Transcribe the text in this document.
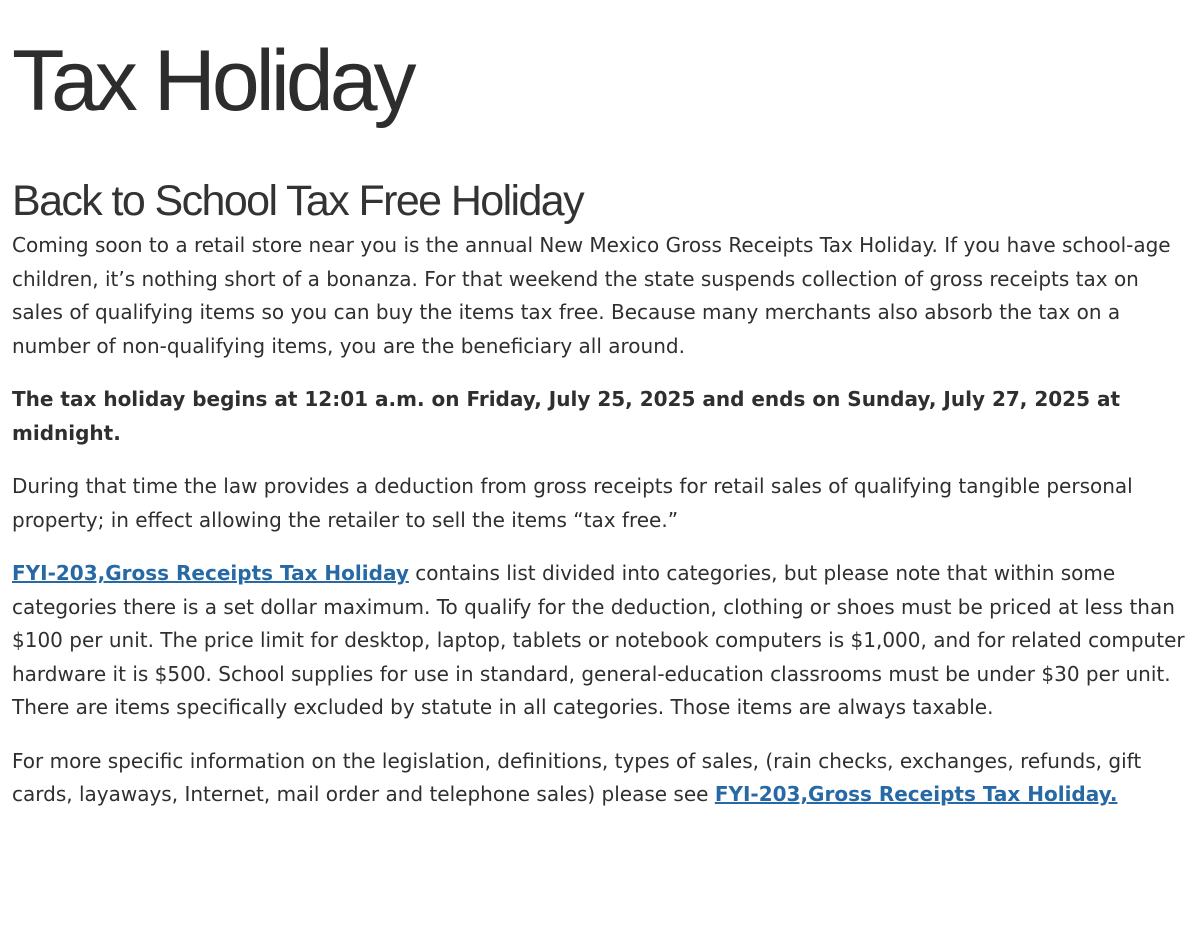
Tax Holiday
Back to School Tax Free Holiday

Coming soon to a retail store near you is the annual New Mexico Gross Receipts Tax Holiday. If you have school-age children, it’s nothing short of a bonanza. For that weekend the state suspends collection of gross receipts tax on sales of qualifying items so you can buy the items tax free. Because many merchants also absorb the tax on a number of non-qualifying items, you are the beneficiary all around.

The tax holiday begins at 12:01 a.m. on Friday, July 25, 2025 and ends on Sunday, July 27, 2025 at midnight.

During that time the law provides a deduction from gross receipts for retail sales of qualifying tangible personal property; in effect allowing the retailer to sell the items “tax free.”

FYI-203,Gross Receipts Tax Holiday contains list divided into categories, but please note that within some categories there is a set dollar maximum. To qualify for the deduction, clothing or shoes must be priced at less than $100 per unit. The price limit for desktop, laptop, tablets or notebook computers is $1,000, and for related computer hardware it is $500. School supplies for use in standard, general-education classrooms must be under $30 per unit. There are items specifically excluded by statute in all categories. Those items are always taxable.

For more specific information on the legislation, definitions, types of sales, (rain checks, exchanges, refunds, gift cards, layaways, Internet, mail order and telephone sales) please see FYI-203,Gross Receipts Tax Holiday.
